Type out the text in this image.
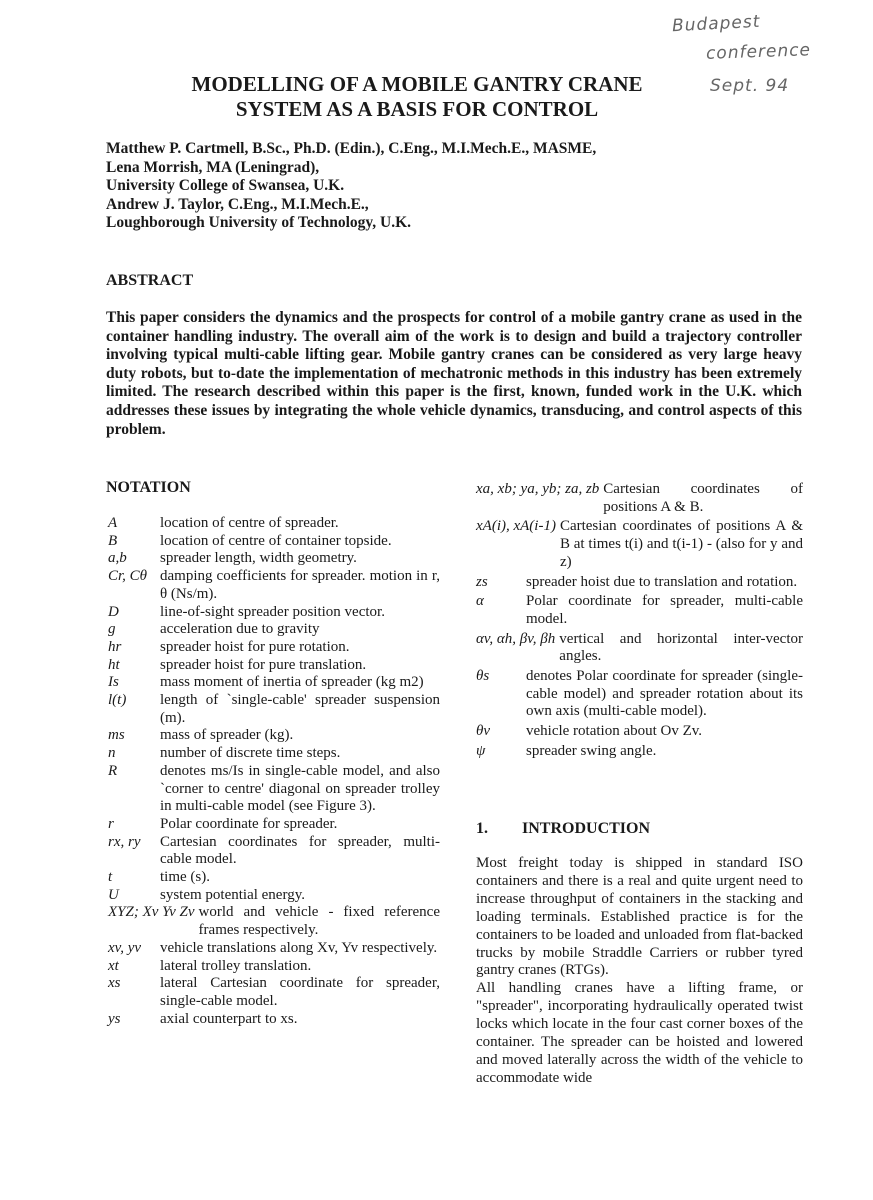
Budapest
conference
Sept. 94
MODELLING OF A MOBILE GANTRY CRANE
SYSTEM AS A BASIS FOR CONTROL
Matthew P. Cartmell, B.Sc., Ph.D. (Edin.), C.Eng., M.I.Mech.E., MASME,
Lena Morrish, MA (Leningrad),
University College of Swansea, U.K.
Andrew J. Taylor, C.Eng., M.I.Mech.E.,
Loughborough University of Technology, U.K.
ABSTRACT
This paper considers the dynamics and the prospects for control of a mobile gantry crane as used in the container handling industry. The overall aim of the work is to design and build a trajectory controller involving typical multi-cable lifting gear. Mobile gantry cranes can be considered as very large heavy duty robots, but to-date the implementation of mechatronic methods in this industry has been extremely limited. The research described within this paper is the first, known, funded work in the U.K. which addresses these issues by integrating the whole vehicle dynamics, transducing, and control aspects of this problem.
NOTATION
A	location of centre of spreader.
B	location of centre of container topside.
a,b	spreader length, width geometry.
Cr, Cθ damping coefficients for spreader. motion in r, θ (Ns/m).
D	line-of-sight spreader position vector.
g	acceleration due to gravity
hr	spreader hoist for pure rotation.
ht	spreader hoist for pure translation.
Is	mass moment of inertia of spreader (kg m2)
l(t)	length of `single-cable' spreader suspension (m).
ms	mass of spreader (kg).
n	number of discrete time steps.
R	denotes ms/Is in single-cable model, and also `corner to centre' diagonal on spreader trolley in multi-cable model (see Figure 3).
r	Polar coordinate for spreader.
rx, ry	Cartesian coordinates for spreader, multi-cable model.
t	time (s).
U	system potential energy.
XYZ; Xv Yv Zv world and vehicle - fixed reference frames respectively.
xv, yv	vehicle translations along Xv, Yv respectively.
xt	lateral trolley translation.
xs	lateral Cartesian coordinate for spreader, single-cable model.
ys	axial counterpart to xs.
xa, xb; ya, yb; za, zb Cartesian coordinates of positions A & B.
xA(i), xA(i-1) Cartesian coordinates of positions A & B at times t(i) and t(i-1) - (also for y and z)
zs	spreader hoist due to translation and rotation.
α	Polar coordinate for spreader, multi-cable model.
αv, αh, βv, βh vertical and horizontal inter-vector angles.
θs	denotes Polar coordinate for spreader (single-cable model) and spreader rotation about its own axis (multi-cable model).
θv	vehicle rotation about Ov Zv.
ψ	spreader swing angle.
1. INTRODUCTION

Most freight today is shipped in standard ISO containers and there is a real and quite urgent need to increase throughput of containers in the stacking and loading terminals. Established practice is for the containers to be loaded and unloaded from flat-backed trucks by mobile Straddle Carriers or rubber tyred gantry cranes (RTGs).

All handling cranes have a lifting frame, or "spreader", incorporating hydraulically operated twist locks which locate in the four cast corner boxes of the container. The spreader can be hoisted and lowered and moved laterally across the width of the vehicle to accommodate wide
